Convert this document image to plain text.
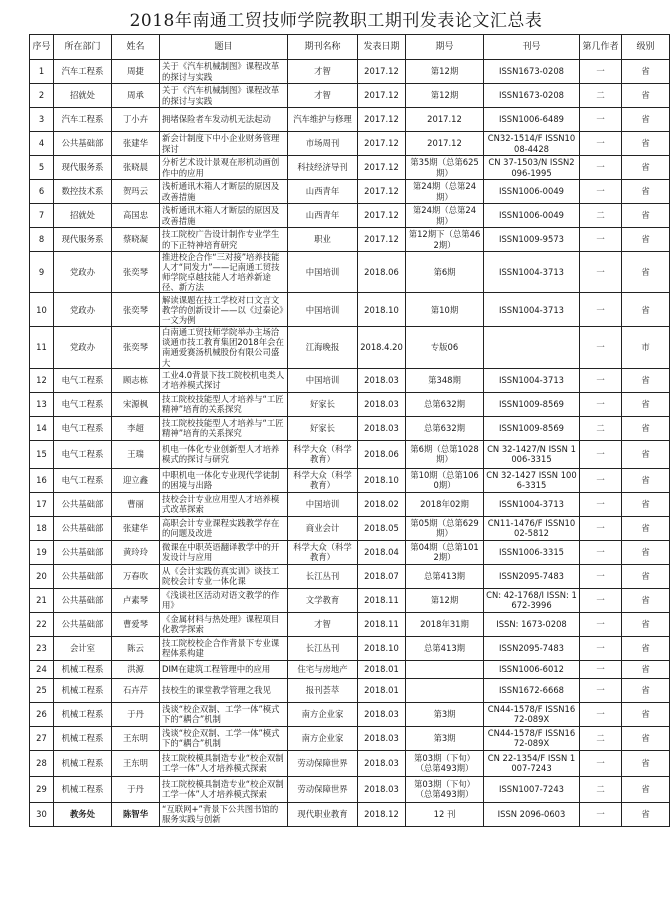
2018年南通工贸技师学院教职工期刊发表论文汇总表
序号	所在部门	姓名	题目	期刊名称	发表日期	期号	刊号	第几作者	级别
1	汽车工程系	周捷	关于《汽车机械制图》课程改革的探讨与实践	才智	2017.12	第12期	ISSN1673-0208	一	省
2	招就处	周承	关于《汽车机械制图》课程改革的探讨与实践	才智	2017.12	第12期	ISSN1673-0208	二	省
3	汽车工程系	丁小卉	拥堵保险者车发动机无法起动	汽车维护与修理	2017.12	2017.12	ISSN1006-6489	一	省
4	公共基础部	张建华	新会计制度下中小企业财务管理探讨	市场周刊	2017.12	2017.12	CN32-1514/F ISSN1008-4428	一	省
5	现代服务系	张晓晨	分析艺术设计景观在形机动画创作中的应用	科技经济导刊	2017.12	第35期（总第625期）	CN 37-1503/N ISSN2096-1995	一	省
6	数控技术系	贺玛云	浅析通讯木箱人才断层的原因及改善措施	山西青年	2017.12	第24期（总第24期）	ISSN1006-0049	一	省
7	招就处	高国忠	浅析通讯木箱人才断层的原因及改善措施	山西青年	2017.12	第24期（总第24期）	ISSN1006-0049	二	省
8	现代服务系	蔡晓凝	技工院校广告设计制作专业学生的下正特神培育研究	职业	2017.12	第12期下（总第462期）	ISSN1009-9573	一	省
9	党政办	张奕琴	推进校企合作“三对接”培养技能人才“同发力”——记南通工贸技师学院卓越技能人才培养新途径、新方法	中国培训	2018.06	第6期	ISSN1004-3713	一	省
10	党政办	张奕琴	解读课题在技工学校对口文言文教学的创新设计——以《过秦论》一文为例	中国培训	2018.10	第10期	ISSN1004-3713	一	省
11	党政办	张奕琴	白南通工贸技师学院举办主场洽谈通市技工教育集团2018年会在南通爱赛汤机械股份有限公司盛大	江海晚报	2018.4.20	专版06		一	市
12	电气工程系	顾志栋	工业4.0背景下技工院校机电类人才培养模式探讨	中国培训	2018.03	第348期	ISSN1004-3713	一	省
13	电气工程系	宋源枫	技工院校技能型人才培养与“工匠精神”培育的关系探究	好家长	2018.03	总第632期	ISSN1009-8569	一	省
14	电气工程系	李超	技工院校技能型人才培养与“工匠精神”培育的关系探究	好家长	2018.03	总第632期	ISSN1009-8569	二	省
15	电气工程系	王瑞	机电一体化专业创新型人才培养模式的探讨与研究	科学大众（科学教育）	2018.06	第6期（总第1028期）	CN 32-1427/N ISSN 1006-3315	一	省
16	电气工程系	迎立鑫	中职机电一体化专业现代学徒制的困境与出路	科学大众（科学教育）	2018.10	第10期（总第1060期）	CN 32-1427 ISSN 1006-3315	一	省
17	公共基础部	曹丽	技校会计专业应用型人才培养模式改革探索	中国培训	2018.02	2018年02期	ISSN1004-3713	一	省
18	公共基础部	张建华	高职会计专业课程实践教学存在的问题及改进	商业会计	2018.05	第05期（总第629期）	CN11-1476/F ISSN1002-5812	一	省
19	公共基础部	黄玲玲	微课在中职英语翻译教学中的开发设计与应用	科学大众（科学教育）	2018.04	第04期（总第1012期）	ISSN1006-3315	一	省
20	公共基础部	万春吹	从《会计实践仿真实训》谈技工院校会计专业一体化课	长江丛刊	2018.07	总第413期	ISSN2095-7483	一	省
21	公共基础部	卢素琴	《浅谈社区活动对语文教学的作用》	文学教育	2018.11	第12期	CN: 42-1768/I ISSN: 1672-3996	一	省
22	公共基础部	曹爱琴	《金属材料与热处理》课程项目化教学探索	才智	2018.11	2018年31期	ISSN: 1673-0208	一	省
23	会计室	陈云	技工院校校企合作背景下专业课程体系构建	长江丛刊	2018.10	总第413期	ISSN2095-7483	一	省
24	机械工程系	洪源	DIM在建筑工程管理中的应用	住宅与房地产	2018.01		ISSN1006-6012	一	省
25	机械工程系	石卉芹	技校生的课堂教学管理之我见	报刊荟萃	2018.01		ISSN1672-6668	一	省
26	机械工程系	于丹	浅谈“校企双制、工学一体”模式下的“耦合”机制	南方企业家	2018.03	第3期	CN44-1578/F ISSN1672-089X	一	省
27	机械工程系	王东明	浅谈“校企双制、工学一体”模式下的“耦合”机制	南方企业家	2018.03	第3期	CN44-1578/F ISSN1672-089X	二	省
28	机械工程系	王东明	技工院校模具制造专业“校企双制 工学一体”人才培养模式探索	劳动保障世界	2018.03	第03期（下旬）（总第493期）	CN 22-1354/F ISSN 1007-7243	一	省
29	机械工程系	于丹	技工院校模具制造专业“校企双制 工学一体”人才培养模式探索	劳动保障世界	2018.03	第03期（下旬）（总第493期）	ISSN1007-7243	二	省
30	教务处	陈智华	“互联网+”背景下公共图书馆的服务实践与创新	现代职业教育	2018.12	12 刊	ISSN 2096-0603	一	省
